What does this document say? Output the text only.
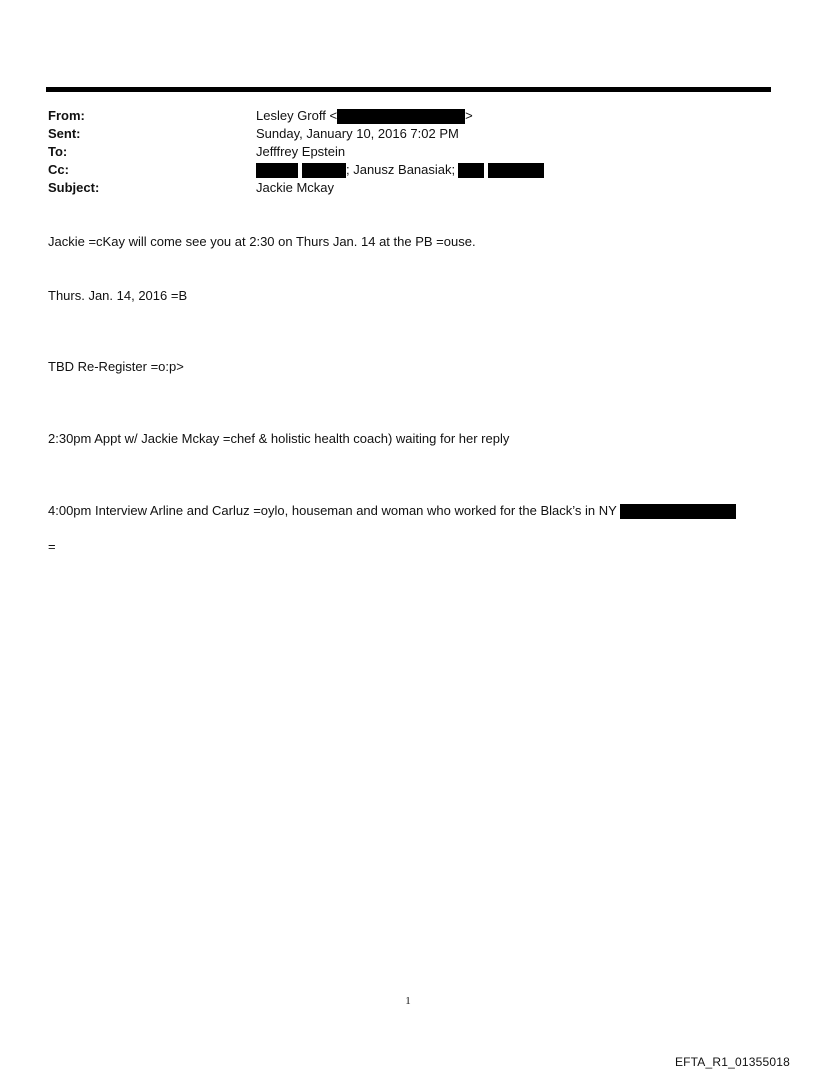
From:	Lesley Groff <	>
Sent:	Sunday, January 10, 2016 7:02 PM
To:	Jefffrey Epstein
Cc:	; Janusz Banasiak;
Subject:	Jackie Mckay
Jackie =cKay will come see you at 2:30 on Thurs Jan. 14 at the PB =ouse.
Thurs. Jan. 14, 2016 =B
TBD Re-Register =o:p>
2:30pm Appt w/ Jackie Mckay =chef & holistic health coach) waiting for her reply
4:00pm Interview Arline and Carluz =oylo, houseman and woman who worked for the Black’s in NY
=
1
EFTA_R1_01355018
